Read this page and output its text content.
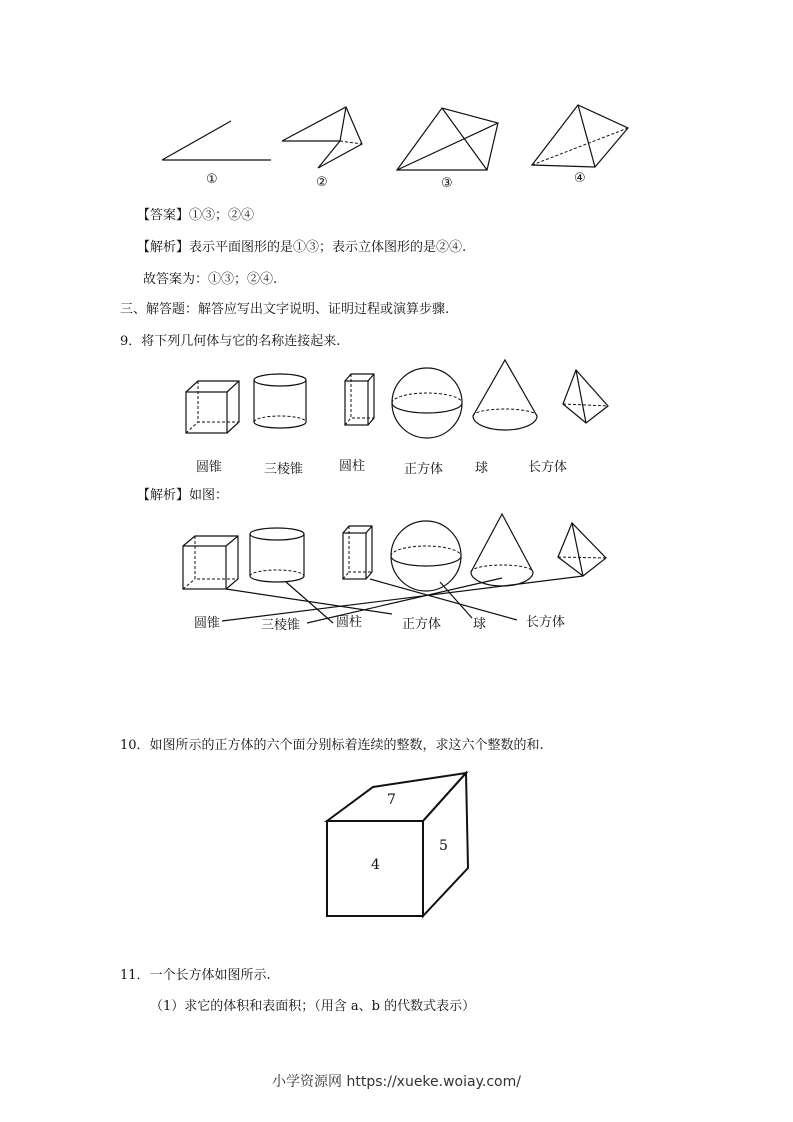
①	②	③	④
【答案】①③；②④
【解析】表示平面图形的是①③；表示立体图形的是②④.
故答案为：①③；②④.
三、解答题：解答应写出文字说明、证明过程或演算步骤.
9．将下列几何体与它的名称连接起来.
圆锥	三棱锥	圆柱	正方体 球	长方体
【解析】如图：
圆锥	三棱锥	圆柱	正方体 球	长方体
10．如图所示的正方体的六个面分别标着连续的整数，求这六个整数的和.
7
4
5
11．一个长方体如图所示.
（1）求它的体积和表面积；（用含 a、b 的代数式表示）
小学资源网 https://xueke.woiay.com/
